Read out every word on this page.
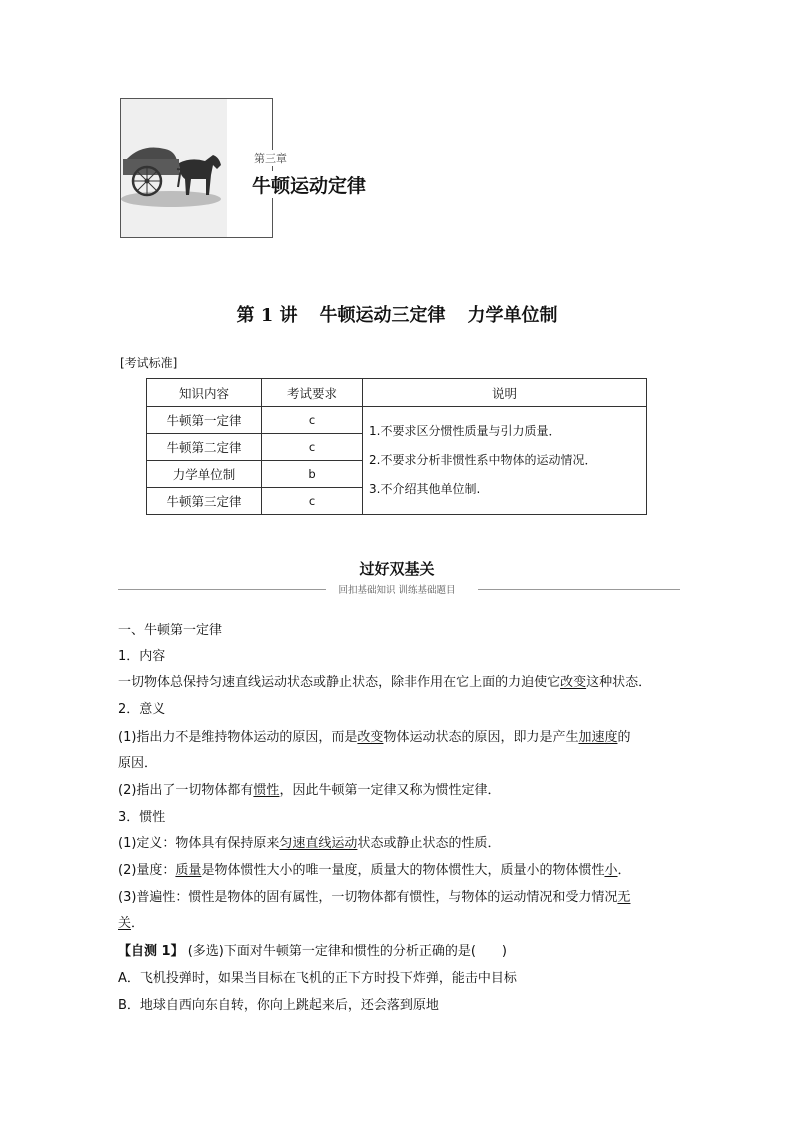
第三章
牛顿运动定律
第 1 讲 牛顿运动三定律 力学单位制
[考试标准]
知识内容	考试要求	说明
牛顿第一定律	c	1.不要求区分惯性质量与引力质量．
2.不要求分析非惯性系中物体的运动情况．
3.不介绍其他单位制.

牛顿第二定律	c	
力学单位制	b	
牛顿第三定律	c	
过好双基关
回扣基础知识 训练基础题目
一、牛顿第一定律
1．内容
一切物体总保持匀速直线运动状态或静止状态，除非作用在它上面的力迫使它改变这种状态．
2．意义
(1)指出力不是维持物体运动的原因，而是改变物体运动状态的原因，即力是产生加速度的
原因．
(2)指出了一切物体都有惯性，因此牛顿第一定律又称为惯性定律．
3．惯性
(1)定义：物体具有保持原来匀速直线运动状态或静止状态的性质．
(2)量度：质量是物体惯性大小的唯一量度，质量大的物体惯性大，质量小的物体惯性小．
(3)普遍性：惯性是物体的固有属性，一切物体都有惯性，与物体的运动情况和受力情况无
关．
【自测 1】 (多选)下面对牛顿第一定律和惯性的分析正确的是(　　)
A．飞机投弹时，如果当目标在飞机的正下方时投下炸弹，能击中目标
B．地球自西向东自转，你向上跳起来后，还会落到原地
